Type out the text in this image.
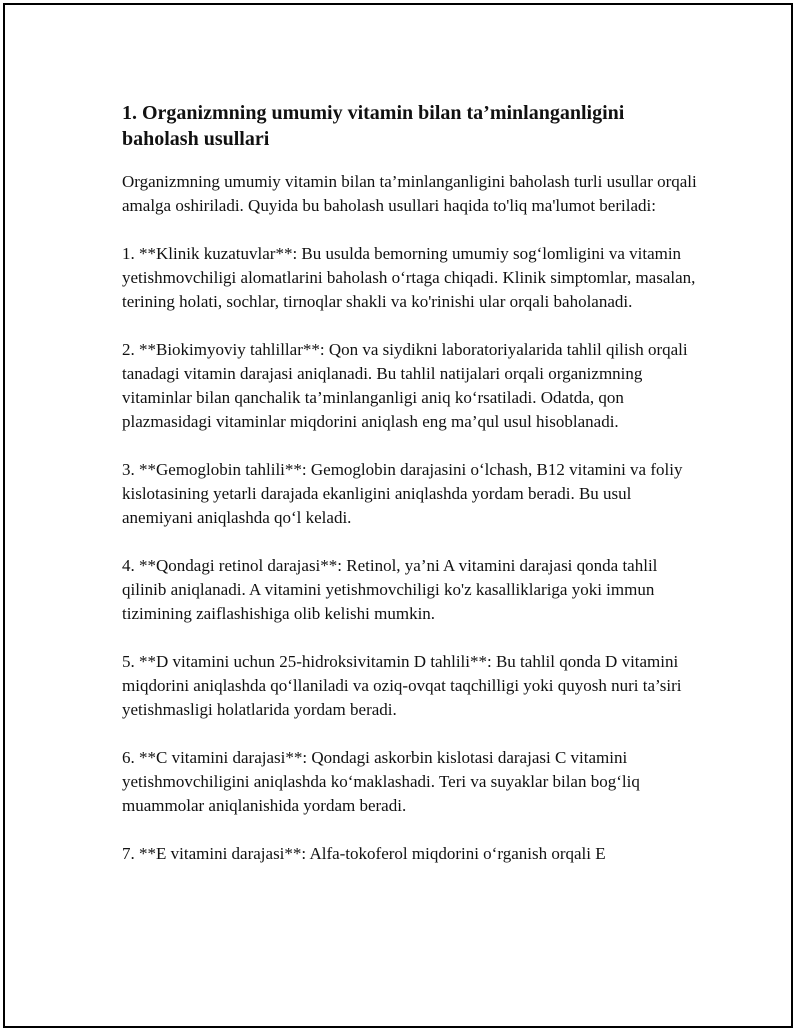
1. Organizmning umumiy vitamin bilan ta’minlanganligini baholash usullari

Organizmning umumiy vitamin bilan ta’minlanganligini baholash turli usullar orqali amalga oshiriladi. Quyida bu baholash usullari haqida to'liq ma'lumot beriladi:

1. **Klinik kuzatuvlar**: Bu usulda bemorning umumiy sog‘lomligini va vitamin yetishmovchiligi alomatlarini baholash o‘rtaga chiqadi. Klinik simptomlar, masalan, terining holati, sochlar, tirnoqlar shakli va ko'rinishi ular orqali baholanadi.

2. **Biokimyoviy tahlillar**: Qon va siydikni laboratoriyalarida tahlil qilish orqali tanadagi vitamin darajasi aniqlanadi. Bu tahlil natijalari orqali organizmning vitaminlar bilan qanchalik ta’minlanganligi aniq ko‘rsatiladi. Odatda, qon plazmasidagi vitaminlar miqdorini aniqlash eng ma’qul usul hisoblanadi.

3. **Gemoglobin tahlili**: Gemoglobin darajasini o‘lchash, B12 vitamini va foliy kislotasining yetarli darajada ekanligini aniqlashda yordam beradi. Bu usul anemiyani aniqlashda qo‘l keladi.

4. **Qondagi retinol darajasi**: Retinol, ya’ni A vitamini darajasi qonda tahlil qilinib aniqlanadi. A vitamini yetishmovchiligi ko'z kasalliklariga yoki immun tizimining zaiflashishiga olib kelishi mumkin.

5. **D vitamini uchun 25-hidroksivitamin D tahlili**: Bu tahlil qonda D vitamini miqdorini aniqlashda qo‘llaniladi va oziq-ovqat taqchilligi yoki quyosh nuri ta’siri yetishmasligi holatlarida yordam beradi.

6. **C vitamini darajasi**: Qondagi askorbin kislotasi darajasi C vitamini yetishmovchiligini aniqlashda ko‘maklashadi. Teri va suyaklar bilan bog‘liq muammolar aniqlanishida yordam beradi.

7. **E vitamini darajasi**: Alfa-tokoferol miqdorini o‘rganish orqali E
